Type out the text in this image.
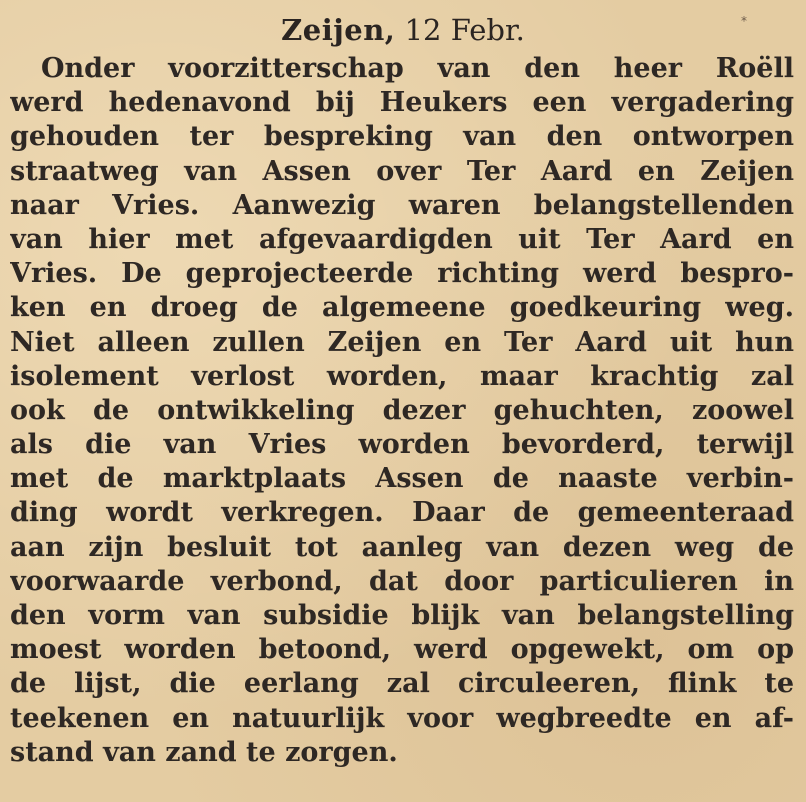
Zeijen, 12 Febr.	*
Onder voorzitterschap van den heer Roëll
werd hedenavond bij Heukers een vergadering
gehouden ter bespreking van den ontworpen
straatweg van Assen over Ter Aard en Zeijen
naar Vries. Aanwezig waren belangstellenden
van hier met afgevaardigden uit Ter Aard en
Vries. De geprojecteerde richting werd bespro-
ken en droeg de algemeene goedkeuring weg.
Niet alleen zullen Zeijen en Ter Aard uit hun
isolement verlost worden, maar krachtig zal
ook de ontwikkeling dezer gehuchten, zoowel
als die van Vries worden bevorderd, terwijl
met de marktplaats Assen de naaste verbin-
ding wordt verkregen. Daar de gemeenteraad
aan zijn besluit tot aanleg van dezen weg de
voorwaarde verbond, dat door particulieren in
den vorm van subsidie blijk van belangstelling
moest worden betoond, werd opgewekt, om op
de lijst, die eerlang zal circuleeren, flink te
teekenen en natuurlijk voor wegbreedte en af-
stand van zand te zorgen.
